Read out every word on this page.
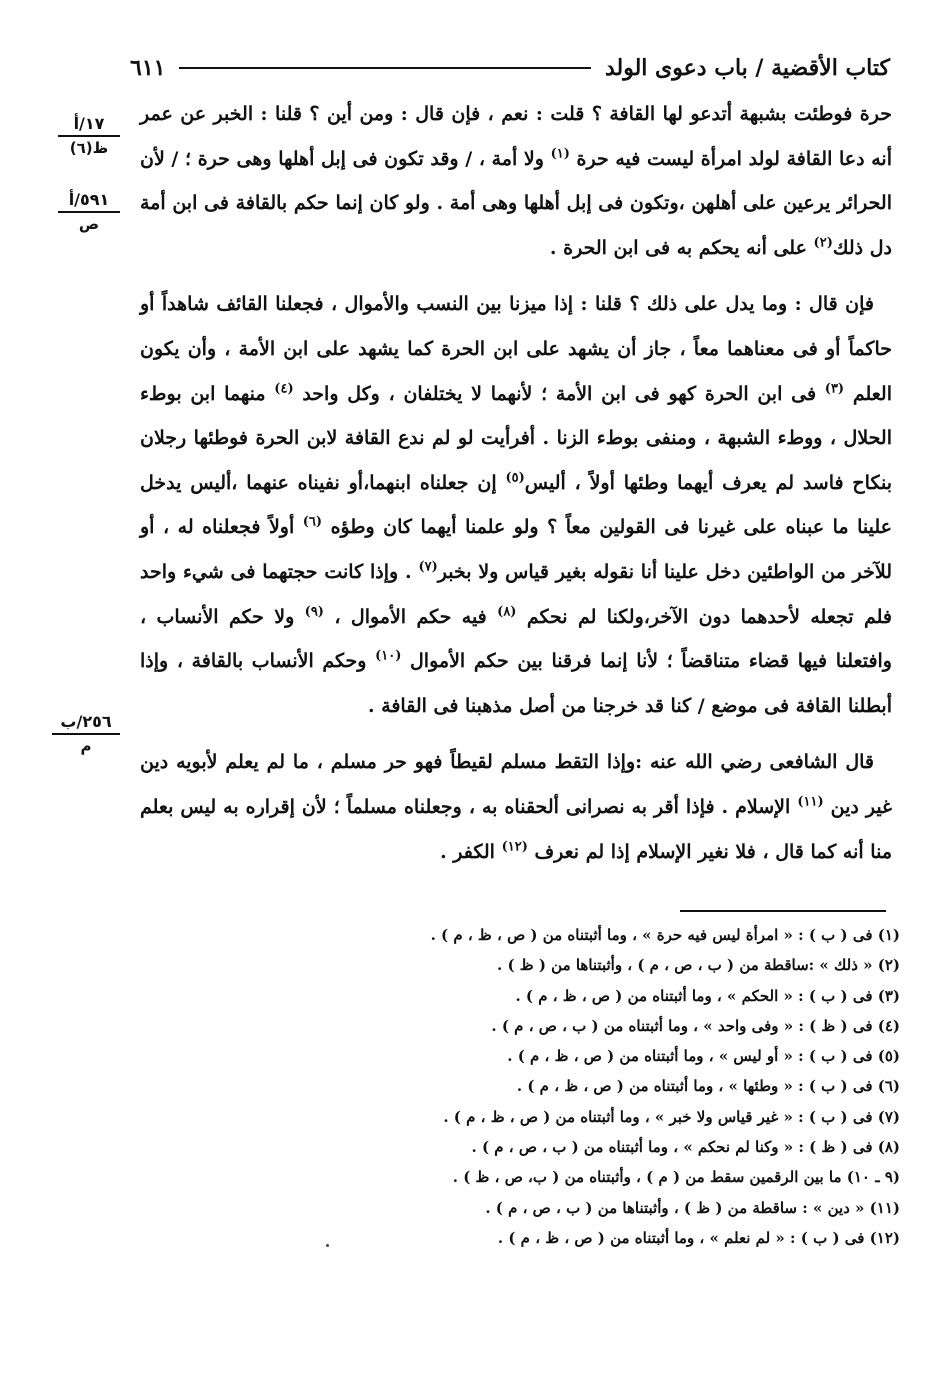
كتاب الأقضية / باب دعوى الولد
٦١١
١٧/أ
ظ(٦)
٥٩١/أ
ص
٢٥٦/ب
م

حرة فوطئت بشبهة أتدعو لها القافة ؟ قلت : نعم ، فإن قال : ومن أين ؟ قلنا : الخبر عن عمر أنه دعا القافة لولد امرأة ليست فيه حرة $^{(١)}$ ولا أمة ، / وقد تكون فى إبل أهلها وهى حرة ؛ / لأن الحرائر يرعين على أهلهن ،وتكون فى إبل أهلها وهى أمة . ولو كان إنما حكم بالقافة فى ابن أمة دل ذلك$^{(٢)}$ على أنه يحكم به فى ابن الحرة .

فإن قال : وما يدل على ذلك ؟ قلنا : إذا ميزنا بين النسب والأموال ، فجعلنا القائف شاهداً أو حاكماً أو فى معناهما معاً ، جاز أن يشهد على ابن الحرة كما يشهد على ابن الأمة ، وأن يكون العلم $^{(٣)}$ فى ابن الحرة كهو فى ابن الأمة ؛ لأنهما لا يختلفان ، وكل واحد $^{(٤)}$ منهما ابن بوطء الحلال ، ووطء الشبهة ، ومنفى بوطء الزنا . أفرأيت لو لم ندع القافة لابن الحرة فوطئها رجلان بنكاح فاسد لم يعرف أيهما وطئها أولاً ، أليس$^{(٥)}$ إن جعلناه ابنهما،أو نفيناه عنهما ،أليس يدخل علينا ما عبناه على غيرنا فى القولين معاً ؟ ولو علمنا أيهما كان وطؤه $^{(٦)}$ أولاً فجعلناه له ، أو للآخر من الواطئين دخل علينا أنا نقوله بغير قياس ولا بخبر$^{(٧)}$ . وإذا كانت حجتهما فى شيء واحد فلم تجعله لأحدهما دون الآخر،ولكنا لم نحكم $^{(٨)}$ فيه حكم الأموال ، $^{(٩)}$ ولا حكم الأنساب ، وافتعلنا فيها قضاء متناقضاً ؛ لأنا إنما فرقنا بين حكم الأموال $^{(١٠)}$ وحكم الأنساب بالقافة ، وإذا أبطلنا القافة فى موضع / كنا قد خرجنا من أصل مذهبنا فى القافة .

قال الشافعى رضي الله عنه :وإذا التقط مسلم لقيطاً فهو حر مسلم ، ما لم يعلم لأبويه دين غير دين $^{(١١)}$ الإسلام . فإذا أقر به نصرانى ألحقناه به ، وجعلناه مسلماً ؛ لأن إقراره به ليس بعلم منا أنه كما قال ، فلا نغير الإسلام إذا لم نعرف $^{(١٢)}$ الكفر .

(١) فى ( ب ) : « امرأة ليس فيه حرة » ، وما أثبتناه من ( ص ، ظ ، م ) .
(٢) « ذلك » :ساقطة من ( ب ، ص ، م ) ، وأثبتناها من ( ظ ) .
(٣) فى ( ب ) : « الحكم » ، وما أثبتناه من ( ص ، ظ ، م ) .
(٤) فى ( ظ ) : « وفى واحد » ، وما أثبتناه من ( ب ، ص ، م ) .
(٥) فى ( ب ) : « أو ليس » ، وما أثبتناه من ( ص ، ظ ، م ) .
(٦) فى ( ب ) : « وطئها » ، وما أثبتناه من ( ص ، ظ ، م ) .
(٧) فى ( ب ) : « غير قياس ولا خبر » ، وما أثبتناه من ( ص ، ظ ، م ) .
(٨) فى ( ظ ) : « وكنا لم نحكم » ، وما أثبتناه من ( ب ، ص ، م ) .
(٩ ـ ١٠) ما بين الرقمين سقط من ( م ) ، وأثبتناه من ( ب، ص ، ظ ) .
(١١) « دين » : ساقطة من ( ظ ) ، وأثبتناها من ( ب ، ص ، م ) .
(١٢) فى ( ب ) : « لم نعلم » ، وما أثبتناه من ( ص ، ظ ، م ) .
